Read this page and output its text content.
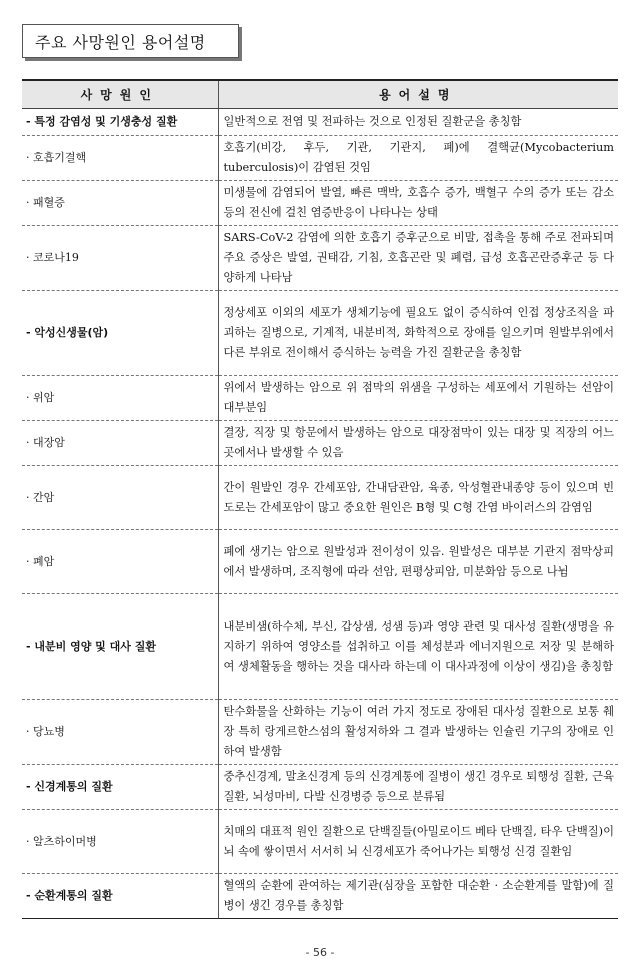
주요 사망원인 용어설명
사망원인	용어설명
- 특정 감염성 및 기생충성 질환	일반적으로 전염 및 전파하는 것으로 인정된 질환군을 총칭함
· 호흡기결핵	호흡기(비강, 후두, 기관, 기관지, 폐)에 결핵균(Mycobacterium tuberculosis)이 감염된 것임
· 패혈증	미생물에 감염되어 발열, 빠른 맥박, 호흡수 증가, 백혈구 수의 증가 또는 감소 등의 전신에 걸친 염증반응이 나타나는 상태
· 코로나19	SARS-CoV-2 감염에 의한 호흡기 증후군으로 비말, 접촉을 통해 주로 전파되며 주요 증상은 발열, 권태감, 기침, 호흡곤란 및 폐렴, 급성 호흡곤란증후군 등 다양하게 나타남
- 악성신생물(암)	정상세포 이외의 세포가 생체기능에 필요도 없이 증식하여 인접 정상조직을 파괴하는 질병으로, 기계적, 내분비적, 화학적으로 장애를 일으키며 원발부위에서 다른 부위로 전이해서 증식하는 능력을 가진 질환군을 총칭함
· 위암	위에서 발생하는 암으로 위 점막의 위샘을 구성하는 세포에서 기원하는 선암이 대부분임
· 대장암	결장, 직장 및 항문에서 발생하는 암으로 대장점막이 있는 대장 및 직장의 어느 곳에서나 발생할 수 있음
· 간암	간이 원발인 경우 간세포암, 간내담관암, 육종, 악성혈관내종양 등이 있으며 빈도로는 간세포암이 많고 중요한 원인은 B형 및 C형 간염 바이러스의 감염임
· 폐암	폐에 생기는 암으로 원발성과 전이성이 있음. 원발성은 대부분 기관지 점막상피에서 발생하며, 조직형에 따라 선암, 편평상피암, 미분화암 등으로 나뉨
- 내분비 영양 및 대사 질환	내분비샘(하수체, 부신, 갑상샘, 성샘 등)과 영양 관련 및 대사성 질환(생명을 유지하기 위하여 영양소를 섭취하고 이를 체성분과 에너지원으로 저장 및 분해하여 생체활동을 행하는 것을 대사라 하는데 이 대사과정에 이상이 생김)을 총칭함
· 당뇨병	탄수화물을 산화하는 기능이 여러 가지 정도로 장애된 대사성 질환으로 보통 췌장 특히 랑게르한스섬의 활성저하와 그 결과 발생하는 인슐린 기구의 장애로 인하여 발생함
- 신경계통의 질환	중추신경계, 말초신경계 등의 신경계통에 질병이 생긴 경우로 퇴행성 질환, 근육 질환, 뇌성마비, 다발 신경병증 등으로 분류됨
· 알츠하이머병	치매의 대표적 원인 질환으로 단백질들(아밀로이드 베타 단백질, 타우 단백질)이 뇌 속에 쌓이면서 서서히 뇌 신경세포가 죽어나가는 퇴행성 신경 질환임
- 순환계통의 질환	혈액의 순환에 관여하는 제기관(심장을 포함한 대순환 · 소순환계를 말함)에 질병이 생긴 경우를 총칭함
- 56 -
